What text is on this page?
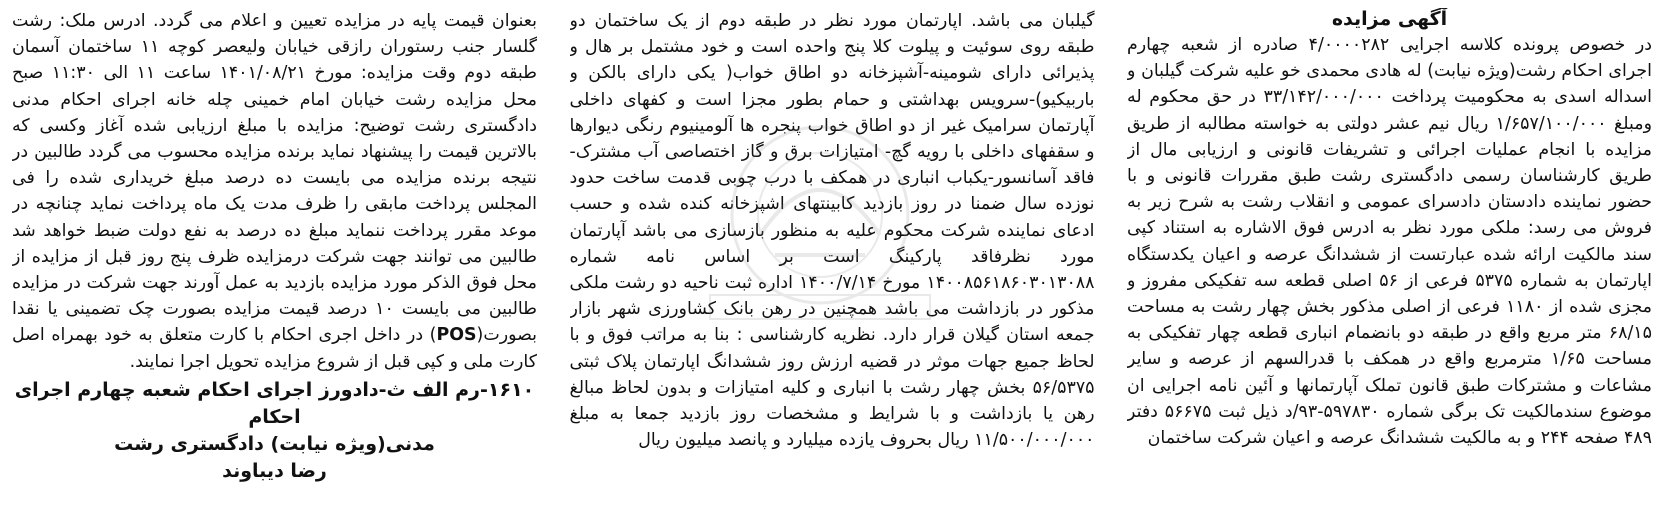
آگهی مزایده

در خصوص پرونده کلاسه اجرایی ۴/۰۰۰۰۲۸۲ صادره از شعبه چهارم اجرای احکام رشت(ویژه نیابت) له هادی محمدی خو علیه شرکت گیلبان و اسداله اسدی به محکومیت پرداخت ۳۳/۱۴۲/۰۰۰/۰۰۰ در حق محکوم له ومبلغ ۱/۶۵۷/۱۰۰/۰۰۰ ریال نیم عشر دولتی به خواسته مطالبه از طریق مزایده با انجام عملیات اجرائی و تشریفات قانونی و ارزیابی مال از طریق کارشناسان رسمی دادگستری رشت طبق مقررات قانونی و با حضور نماینده دادستان دادسرای عمومی و انقلاب رشت به شرح زیر به فروش می رسد: ملکی مورد نظر به ادرس فوق الاشاره به استناد کپی سند مالکیت ارائه شده عبارتست از ششدانگ عرصه و اعیان یکدستگاه اپارتمان به شماره ۵۳۷۵ فرعی از ۵۶ اصلی قطعه سه تفکیکی مفروز و مجزی شده از ۱۱۸۰ فرعی از اصلی مذکور بخش چهار رشت به مساحت ۶۸/۱۵ متر مربع واقع در طبقه دو بانضمام انباری قطعه چهار تفکیکی به مساحت ۱/۶۵ مترمربع واقع در همکف با قدرالسهم از عرصه و سایر مشاعات و مشترکات طبق قانون تملک آپارتمانها و آئین نامه اجرایی ان موضوع سندمالکیت تک برگی شماره ۵۹۷۸۳۰-۹۳/د ذیل ثبت ۵۶۶۷۵ دفتر ۴۸۹ صفحه ۲۴۴ و به مالکیت ششدانگ عرصه و اعیان شرکت ساختمان

گیلبان می باشد. اپارتمان مورد نظر در طبقه دوم از یک ساختمان دو طبقه روی سوئیت و پیلوت کلا پنج واحده است و خود مشتمل بر هال و پذیرائی دارای شومینه-آشپزخانه دو اطاق خواب( یکی دارای بالکن و باربیکیو)-سرویس بهداشتی و حمام بطور مجزا است و کفهای داخلی آپارتمان سرامیک غیر از دو اطاق خواب پنجره ها آلومینیوم رنگی دیوارها و سقفهای داخلی با رویه گچ- امتیازات برق و گاز اختصاصی آب مشترک- فاقد آسانسور-یکباب انباری در همکف با درب چوبی قدمت ساخت حدود نوزده سال ضمنا در روز بازدید کابینتهای اشپزخانه کنده شده و حسب ادعای نماینده شرکت محکوم علیه به منظور بازسازی می باشد آپارتمان مورد نظرفاقد پارکینگ است بر اساس نامه شماره ۱۴۰۰۸۵۶۱۸۶۰۳۰۱۳۰۸۸ مورخ ۱۴۰۰/۷/۱۴ اداره ثبت ناحیه دو رشت ملکی مذکور در بازداشت می باشد همچنین در رهن بانک کشاورزی شهر بازار جمعه استان گیلان قرار دارد. نظریه کارشناسی : بنا به مراتب فوق و با لحاظ جمیع جهات موثر در قضیه ارزش روز ششدانگ اپارتمان پلاک ثبتی ۵۶/۵۳۷۵ بخش چهار رشت با انباری و کلیه امتیازات و بدون لحاظ مبالغ رهن یا بازداشت و با شرایط و مشخصات روز بازدید جمعا به مبلغ ۱۱/۵۰۰/۰۰۰/۰۰۰ ریال بحروف یازده میلیارد و پانصد میلیون ریال

بعنوان قیمت پایه در مزایده تعیین و اعلام می گردد. ادرس ملک: رشت گلسار جنب رستوران رازقی خیابان ولیعصر کوچه ۱۱ ساختمان آسمان طبقه دوم وقت مزایده: مورخ ۱۴۰۱/۰۸/۲۱ ساعت ۱۱ الی ۱۱:۳۰ صبح محل مزایده رشت خیابان امام خمینی چله خانه اجرای احکام مدنی دادگستری رشت توضیح: مزایده با مبلغ ارزیابی شده آغاز وکسی که بالاترین قیمت را پیشنهاد نماید برنده مزایده محسوب می گردد طالبین در نتیجه برنده مزایده می بایست ده درصد مبلغ خریداری شده را فی المجلس پرداخت مابقی را ظرف مدت یک ماه پرداخت نماید چنانچه در موعد مقرر پرداخت ننماید مبلغ ده درصد به نفع دولت ضبط خواهد شد طالبین می توانند جهت شرکت درمزایده ظرف پنج روز قبل از مزایده از محل فوق الذکر مورد مزایده بازدید به عمل آورند جهت شرکت در مزایده طالبین می بایست ۱۰ درصد قیمت مزایده بصورت چک تضمینی یا نقدا بصورت(POS) در داخل اجری احکام با کارت متعلق به خود بهمراه اصل کارت ملی و کپی قبل از شروع مزایده تحویل اجرا نمایند.

۱۶۱۰-رم الف ث-دادورز اجرای احکام شعبه چهارم اجرای احکام
مدنی(ویژه نیابت) دادگستری رشت
رضا دیباوند
